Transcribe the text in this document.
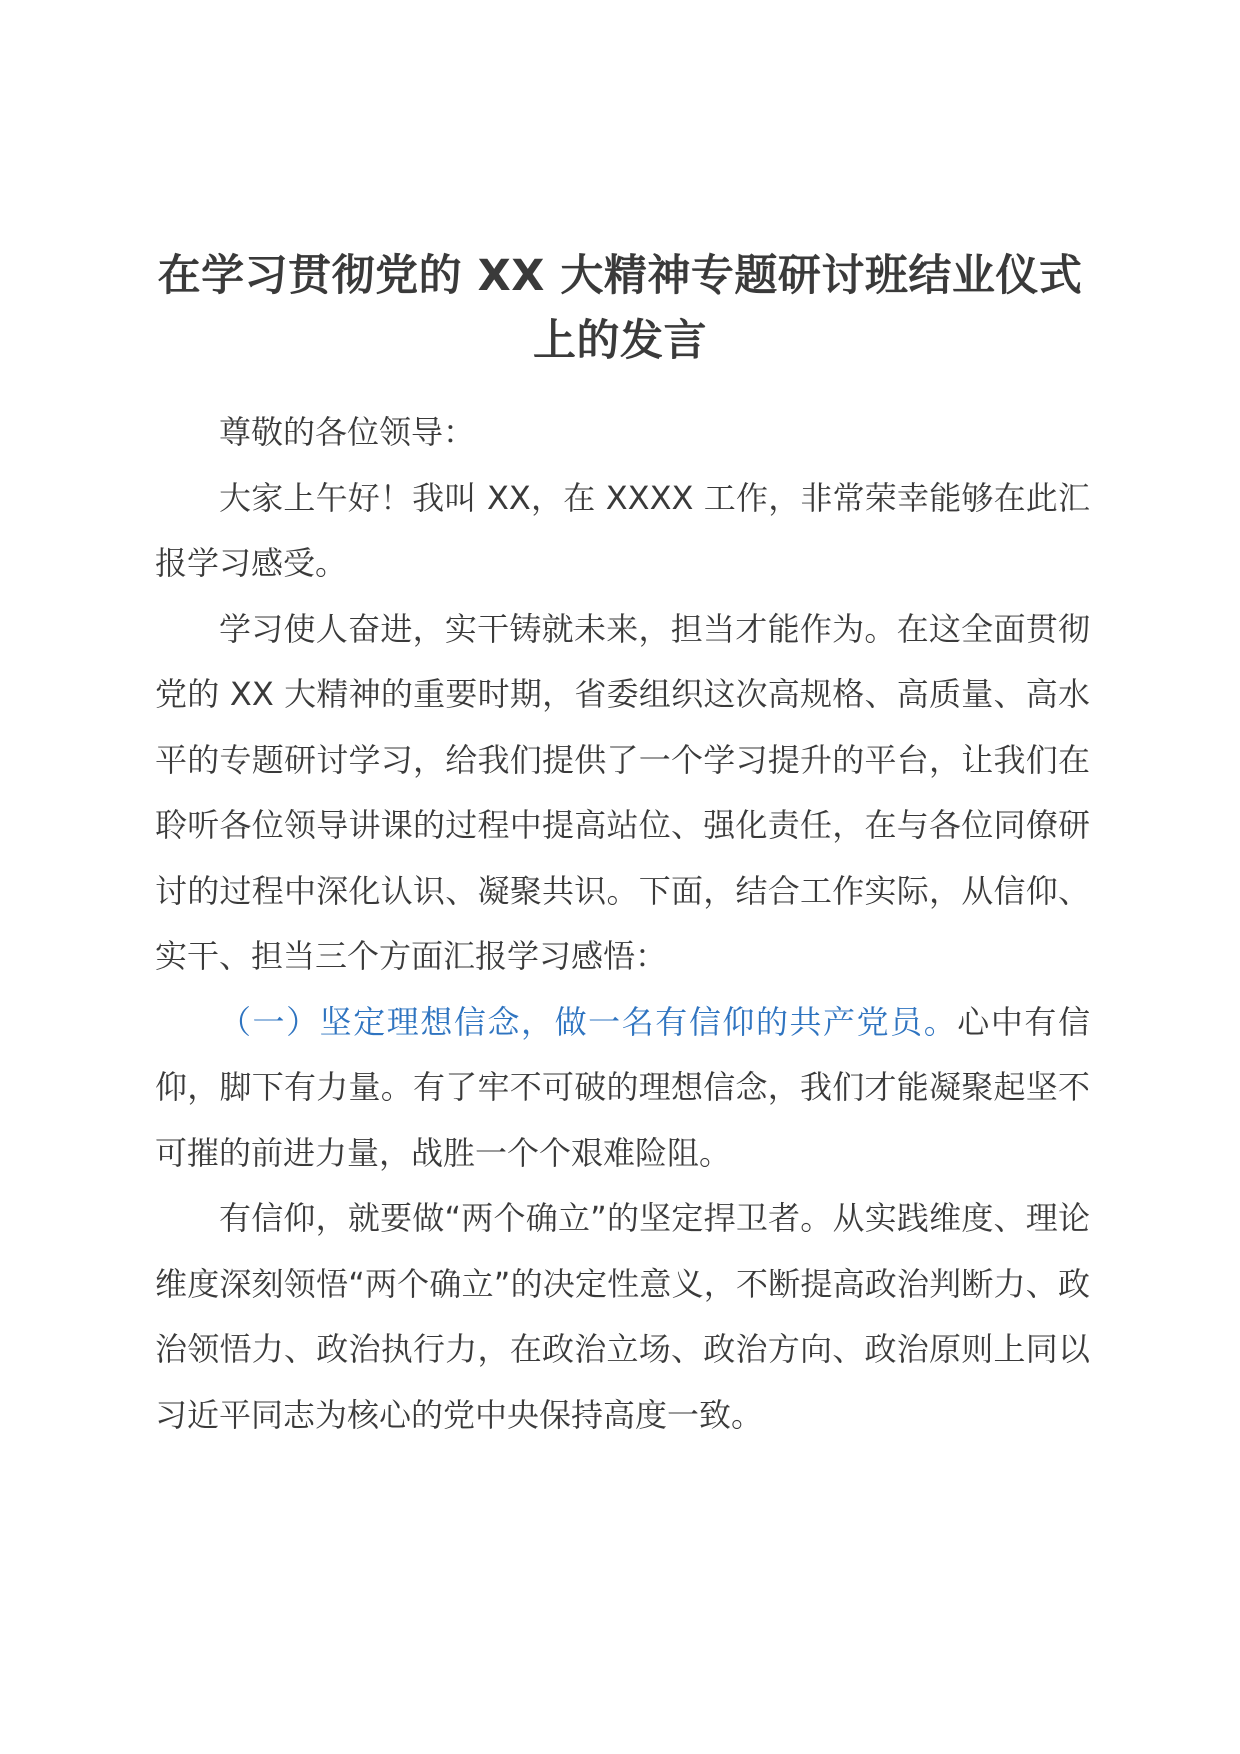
在学习贯彻党的 XX 大精神专题研讨班结业仪式上的发言

尊敬的各位领导：

大家上午好！我叫 XX，在 XXXX 工作，非常荣幸能够在此汇报学习感受。

学习使人奋进，实干铸就未来，担当才能作为。在这全面贯彻党的 XX 大精神的重要时期，省委组织这次高规格、高质量、高水平的专题研讨学习，给我们提供了一个学习提升的平台，让我们在聆听各位领导讲课的过程中提高站位、强化责任，在与各位同僚研讨的过程中深化认识、凝聚共识。下面，结合工作实际，从信仰、实干、担当三个方面汇报学习感悟：

（一）坚定理想信念，做一名有信仰的共产党员。心中有信仰，脚下有力量。有了牢不可破的理想信念，我们才能凝聚起坚不可摧的前进力量，战胜一个个艰难险阻。

有信仰，就要做“两个确立”的坚定捍卫者。从实践维度、理论维度深刻领悟“两个确立”的决定性意义，不断提高政治判断力、政治领悟力、政治执行力，在政治立场、政治方向、政治原则上同以习近平同志为核心的党中央保持高度一致。
